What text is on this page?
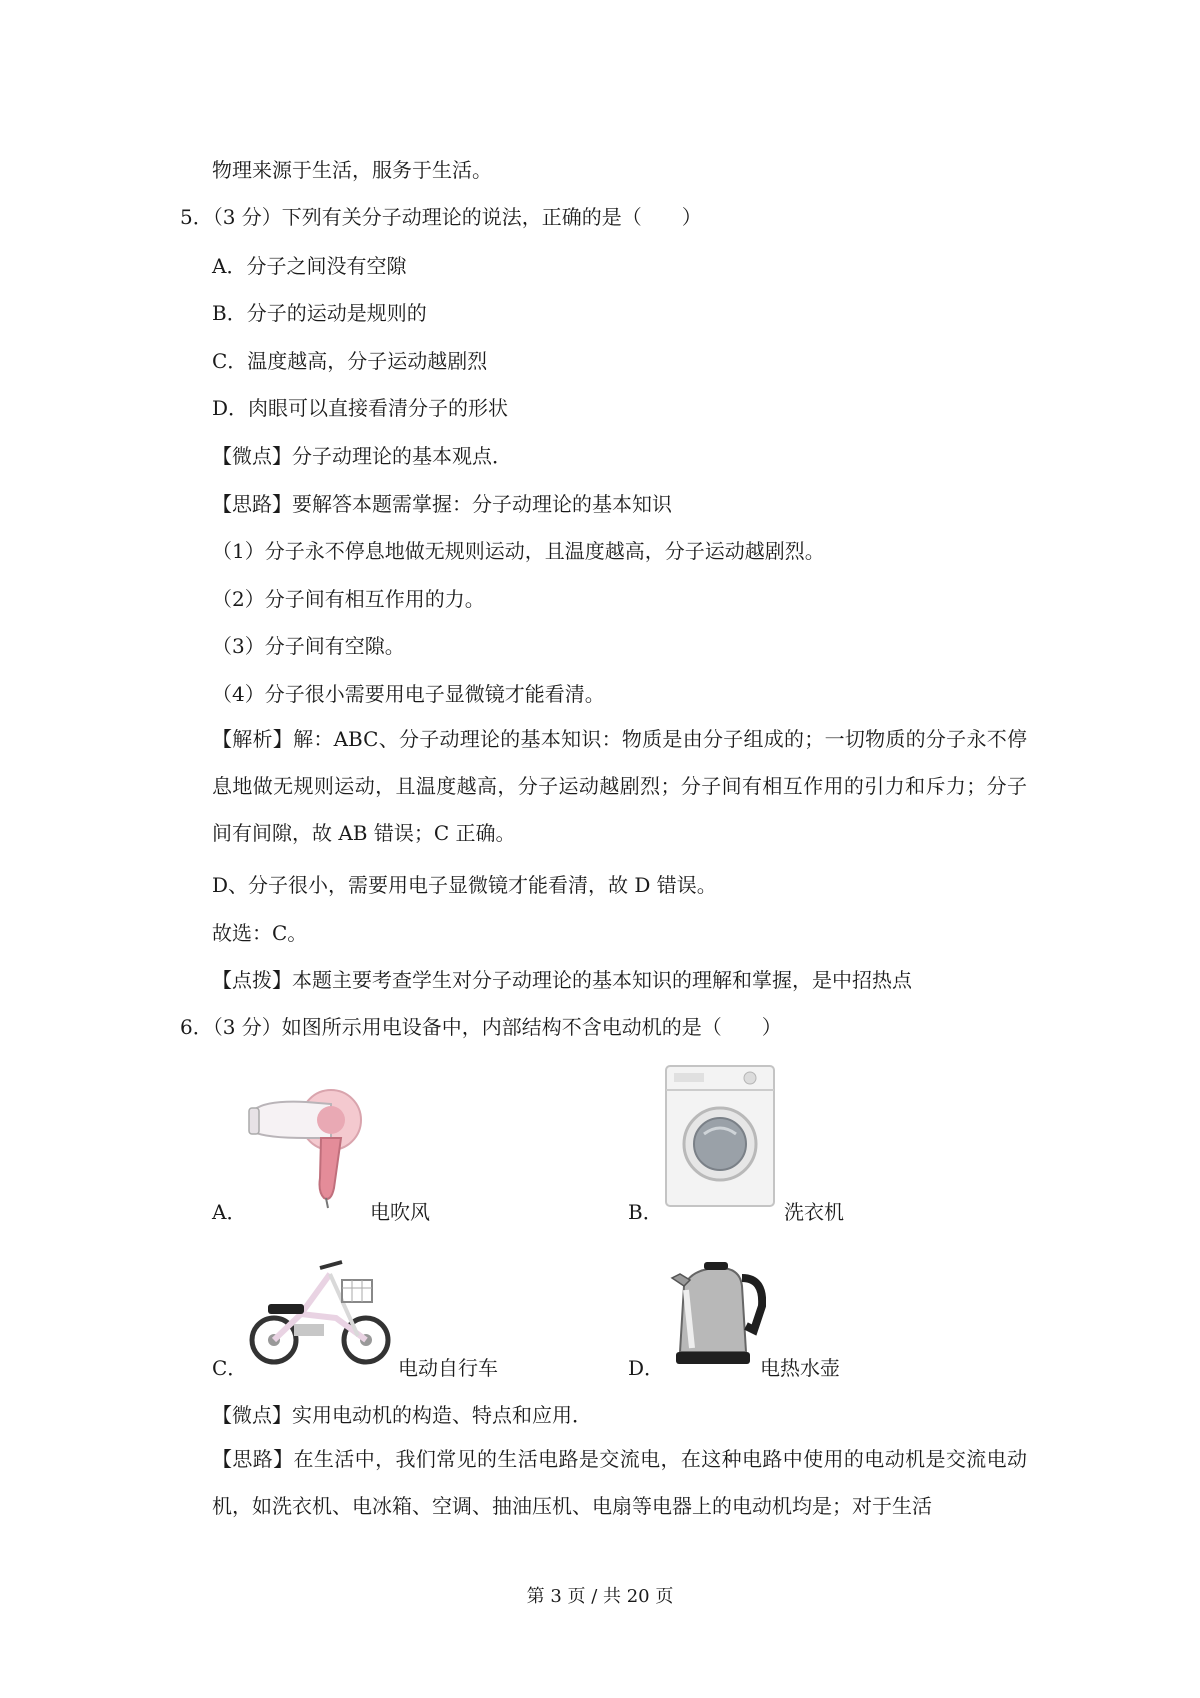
物理来源于生活，服务于生活。
5．（3 分）下列有关分子动理论的说法，正确的是（　　）
A．分子之间没有空隙
B．分子的运动是规则的
C．温度越高，分子运动越剧烈
D．肉眼可以直接看清分子的形状
【微点】分子动理论的基本观点．
【思路】要解答本题需掌握：分子动理论的基本知识
（1）分子永不停息地做无规则运动，且温度越高，分子运动越剧烈。
（2）分子间有相互作用的力。
（3）分子间有空隙。
（4）分子很小需要用电子显微镜才能看清。
【解析】解：ABC、分子动理论的基本知识：物质是由分子组成的；一切物质的分子永不停息地做无规则运动，且温度越高，分子运动越剧烈；分子间有相互作用的引力和斥力；分子间有间隙，故 AB 错误；C 正确。
D、分子很小，需要用电子显微镜才能看清，故 D 错误。
故选：C。
【点拨】本题主要考查学生对分子动理论的基本知识的理解和掌握，是中招热点
6．（3 分）如图所示用电设备中，内部结构不含电动机的是（　　）
A．	电吹风	B．	洗衣机
C．	电动自行车	D．	电热水壶
【微点】实用电动机的构造、特点和应用．
【思路】在生活中，我们常见的生活电路是交流电，在这种电路中使用的电动机是交流电动机，如洗衣机、电冰箱、空调、抽油压机、电扇等电器上的电动机均是；对于生活
第 3 页 / 共 20 页
